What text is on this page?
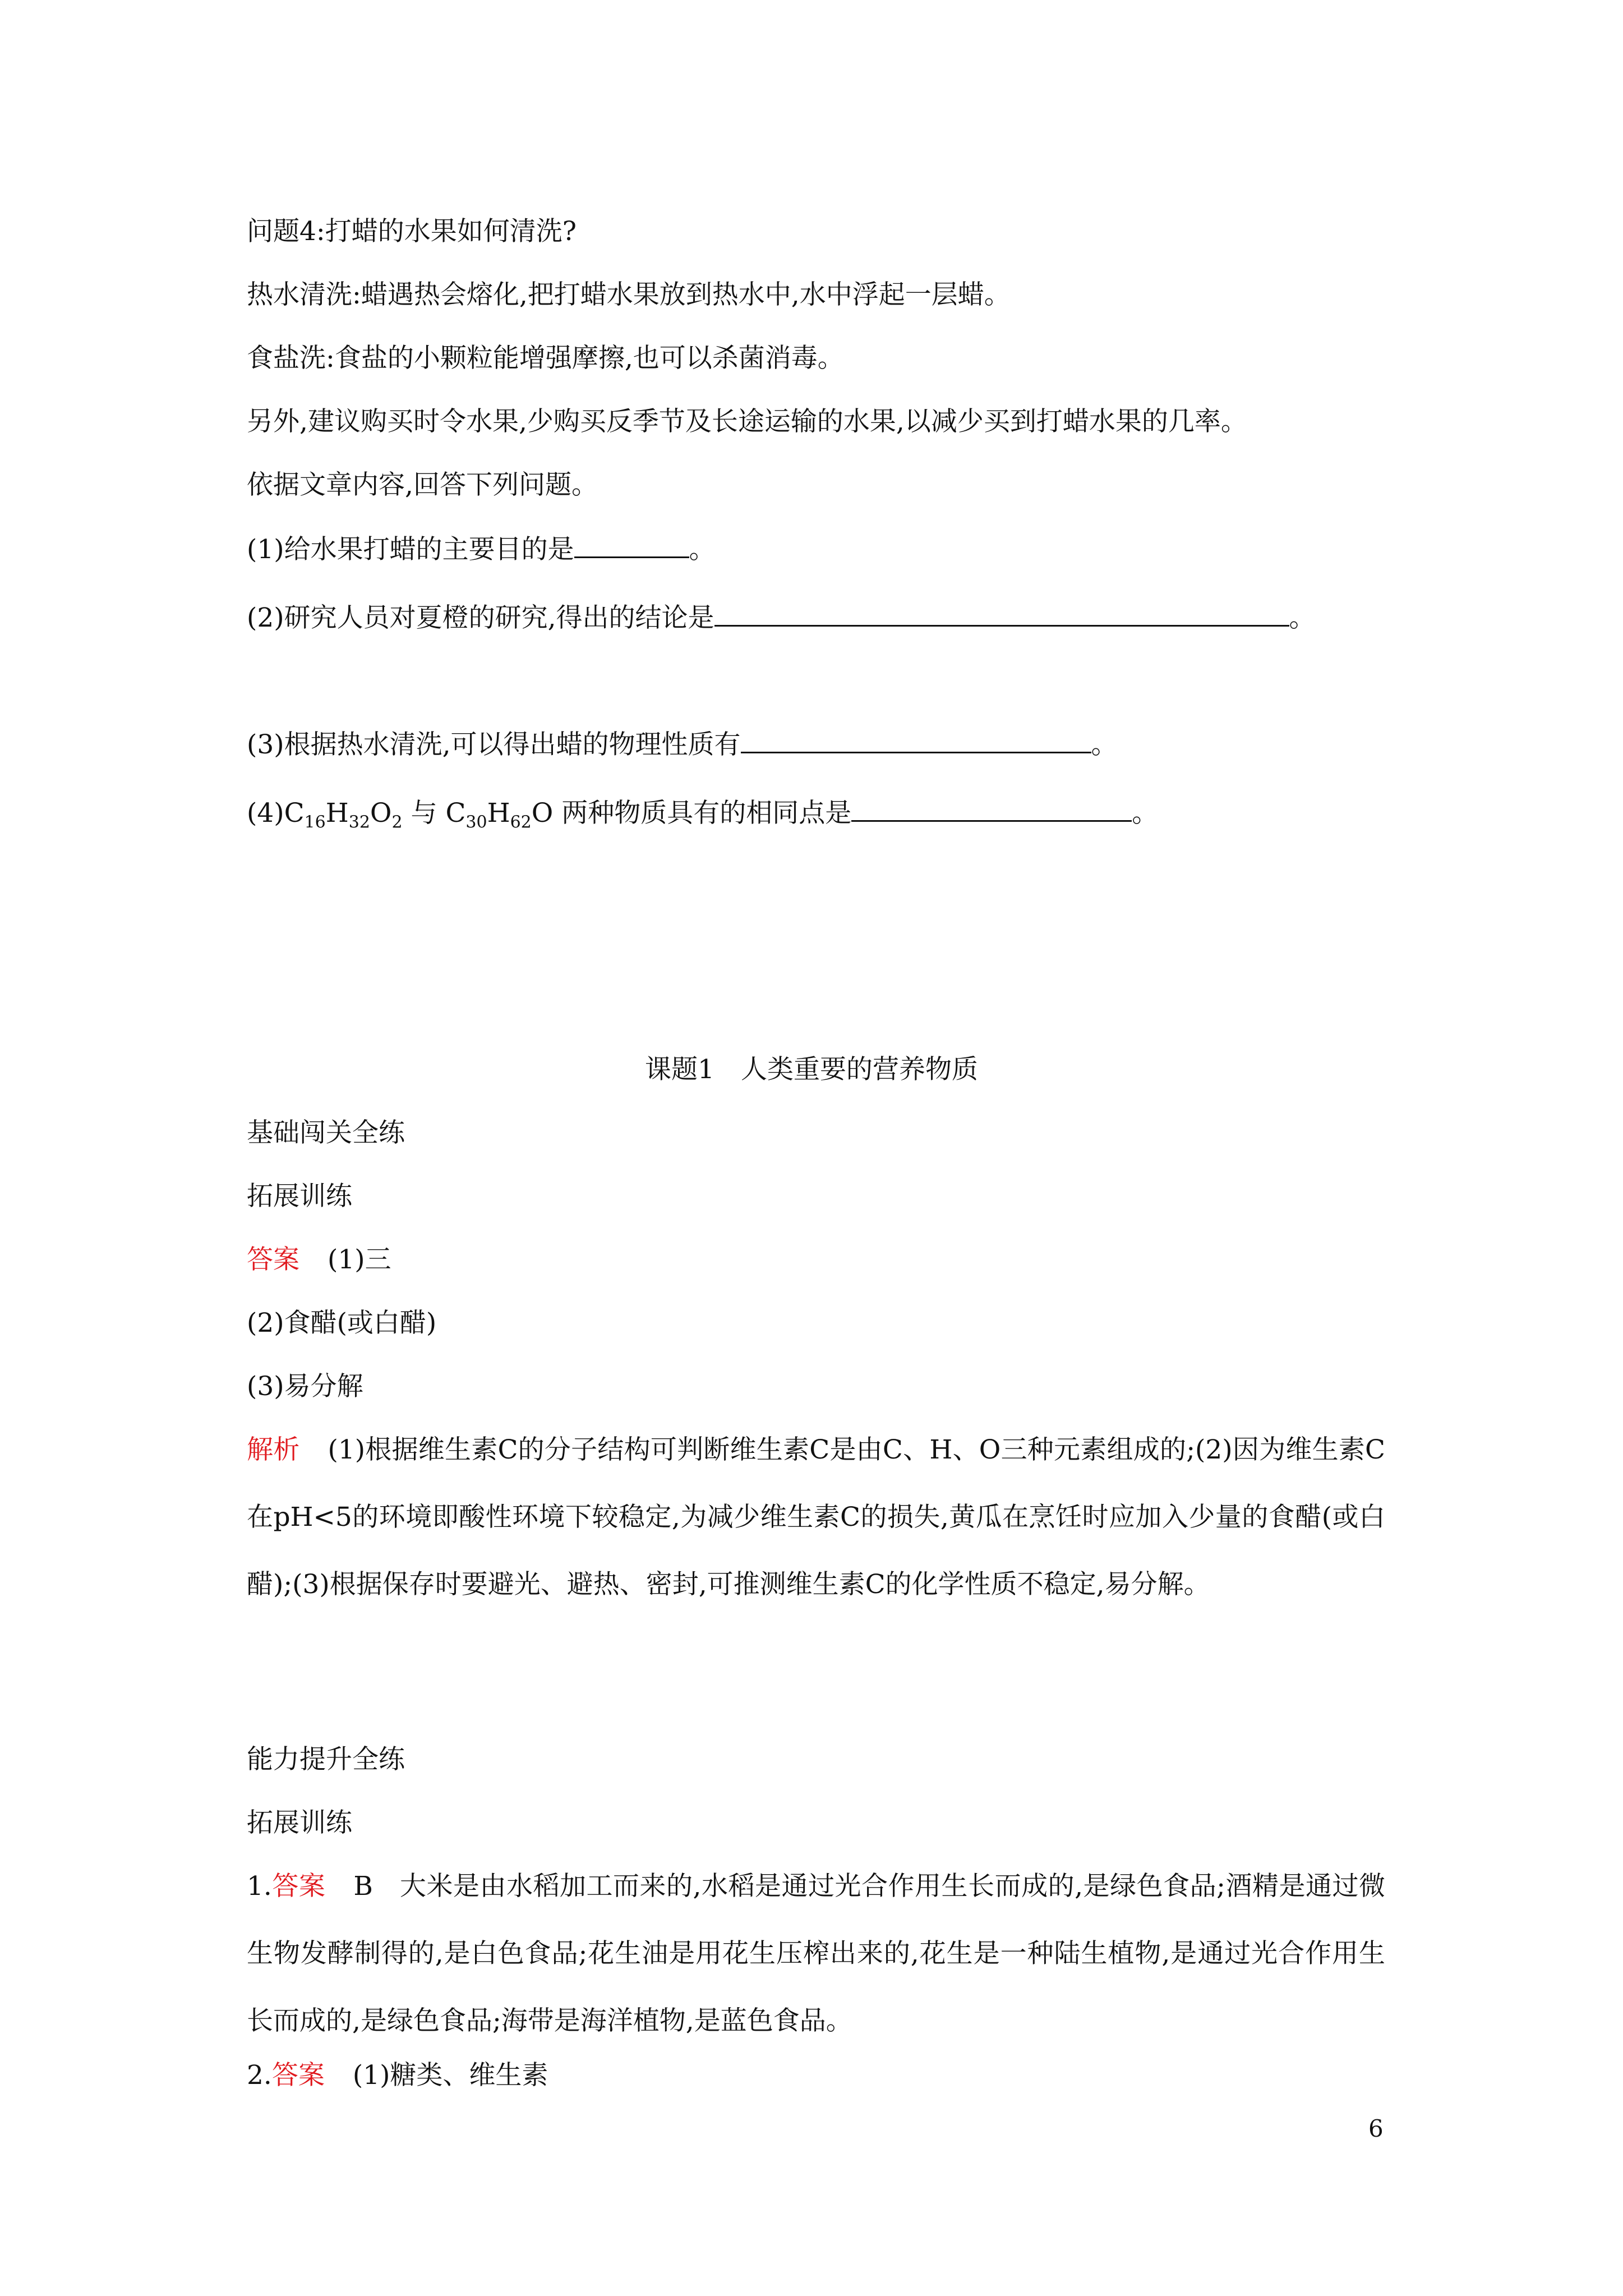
问题4:打蜡的水果如何清洗?
热水清洗:蜡遇热会熔化,把打蜡水果放到热水中,水中浮起一层蜡。
食盐洗:食盐的小颗粒能增强摩擦,也可以杀菌消毒。
另外,建议购买时令水果,少购买反季节及长途运输的水果,以减少买到打蜡水果的几率。
依据文章内容,回答下列问题。
(1)给水果打蜡的主要目的是	。
(2)研究人员对夏橙的研究,得出的结论是	。
(3)根据热水清洗,可以得出蜡的物理性质有	。
$(4)C_{16}H_{32}O_2$ 与 $C_{30}H_{62}O$ 两种物质具有的相同点是	。
课题1　人类重要的营养物质
基础闯关全练
拓展训练
答案 (1)三
(2)食醋(或白醋)
(3)易分解
解析 (1)根据维生素C的分子结构可判断维生素C是由C、H、O三种元素组成的;(2)因为维生素C在pH<5的环境即酸性环境下较稳定,为减少维生素C的损失,黄瓜在烹饪时应加入少量的食醋(或白醋);(3)根据保存时要避光、避热、密封,可推测维生素C的化学性质不稳定,易分解。
能力提升全练
拓展训练
1.答案 B　大米是由水稻加工而来的,水稻是通过光合作用生长而成的,是绿色食品;酒精是通过微生物发酵制得的,是白色食品;花生油是用花生压榨出来的,花生是一种陆生植物,是通过光合作用生长而成的,是绿色食品;海带是海洋植物,是蓝色食品。
2.答案 (1)糖类、维生素
6
